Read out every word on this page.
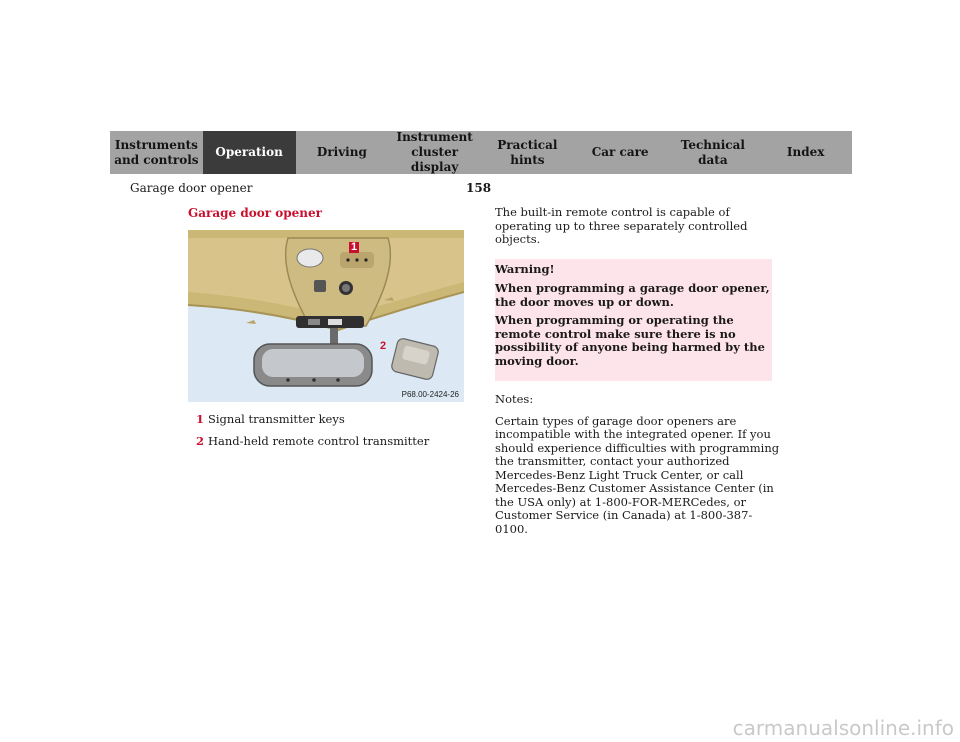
Instruments
and controls
Operation	Driving
Instrument
cluster display
Practical hints
Car care
Technical
data
Index
Garage door opener	158
Garage door opener
1
2
P68.00-2424-26
1 Signal transmitter keys
2 Hand-held remote control transmitter

The built-in remote control is capable of operating up to three separately controlled objects.

Warning!

When programming a garage door opener, the door moves up or down.

When programming or operating the remote control make sure there is no possibility of anyone being harmed by the moving door.

Notes:

Certain types of garage door openers are incompatible with the integrated opener. If you should experience difficulties with programming the transmitter, contact your authorized Mercedes-Benz Light Truck Center, or call Mercedes-Benz Customer Assistance Center (in the USA only) at 1-800-FOR-MERCedes, or Customer Service (in Canada) at 1-800-387-0100.

carmanualsonline.info
